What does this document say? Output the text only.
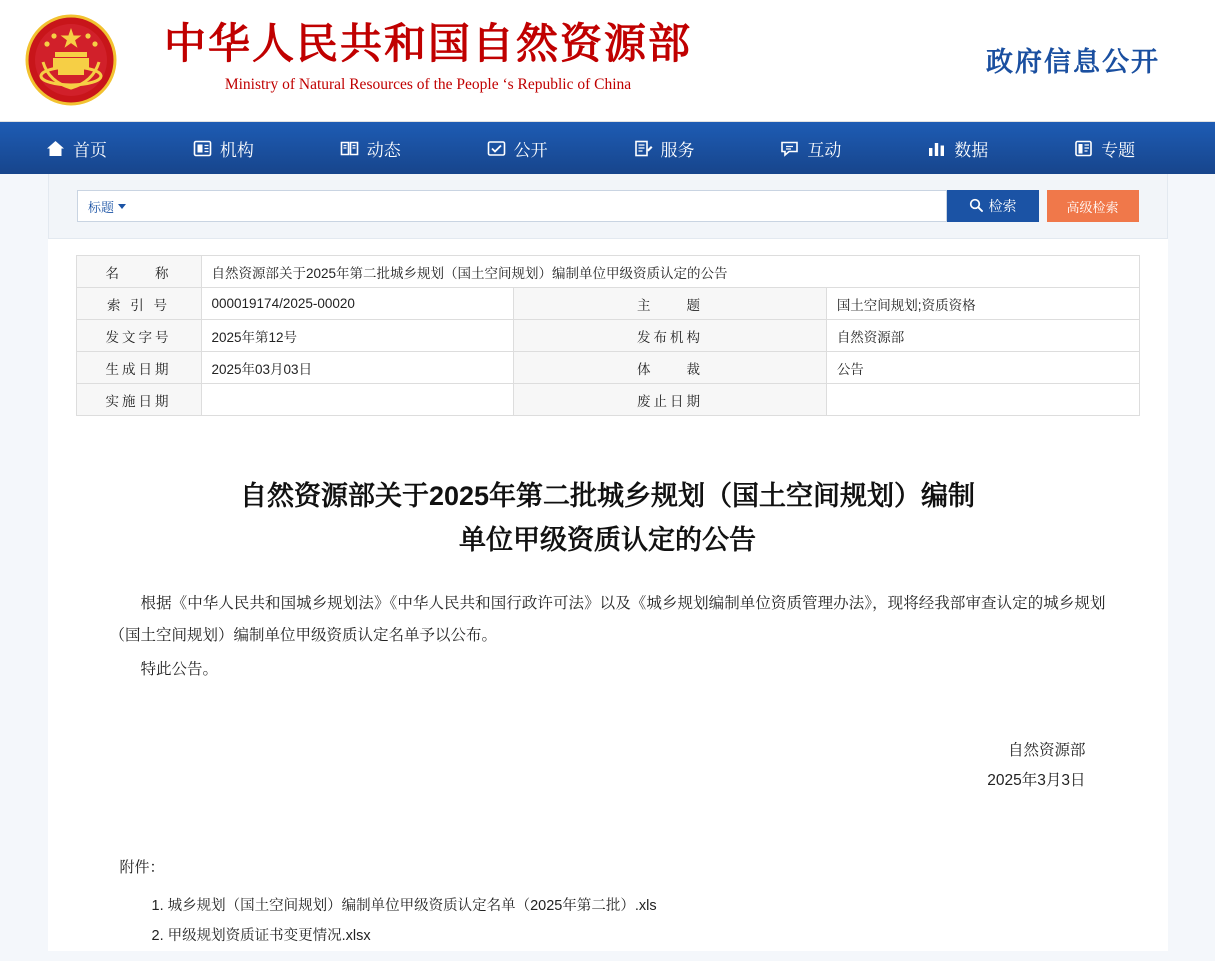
中华人民共和国自然资源部
Ministry of Natural Resources of the People ‘s Republic of China
政府信息公开
首页	机构	动态	公开	服务	互动	数据	专题
标题	检索	高级检索
名　　称	自然资源部关于2025年第二批城乡规划（国土空间规划）编制单位甲级资质认定的公告		
索 引 号	000019174/2025-00020	主　　题	国土空间规划;资质资格
发文字号	2025年第12号	发布机构	自然资源部
生成日期	2025年03月03日	体　　裁	公告
实施日期		废止日期	
自然资源部关于2025年第二批城乡规划（国土空间规划）编制单位甲级资质认定的公告

根据《中华人民共和国城乡规划法》《中华人民共和国行政许可法》以及《城乡规划编制单位资质管理办法》，现将经我部审查认定的城乡规划（国土空间规划）编制单位甲级资质认定名单予以公布。

特此公告。

自然资源部
2025年3月3日
附件：
1. 城乡规划（国土空间规划）编制单位甲级资质认定名单（2025年第二批）.xls
2. 甲级规划资质证书变更情况.xlsx
